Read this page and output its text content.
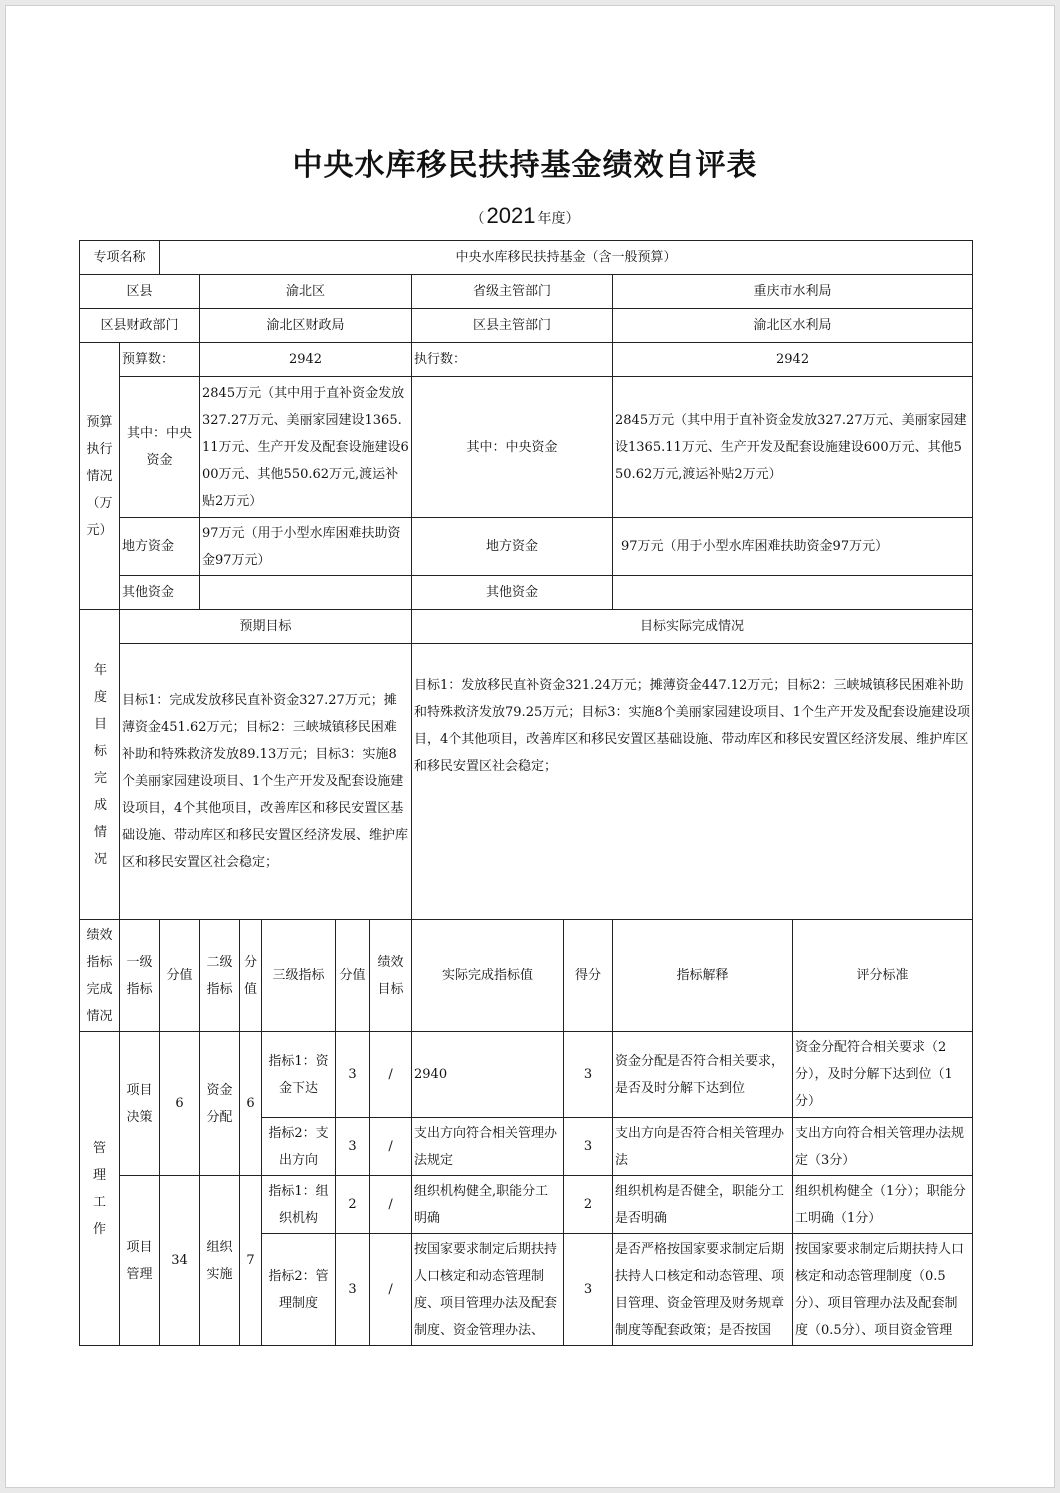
中央水库移民扶持基金绩效自评表
（2021 年度）
专项名称		中央水库移民扶持基金（含一般预算）									
区县			渝北区					省级主管部门		重庆市水利局	
区县财政部门			渝北区财政局					区县主管部门		渝北区水利局	
预算执行情况（万元）	预算数：		2942					执行数：		2942	
	其中：中央资金		2845万元（其中用于直补资金发放327.27万元、美丽家园建设1365.11万元、生产开发及配套设施建设600万元、其他550.62万元,渡运补贴2万元）					其中：中央资金		2845万元（其中用于直补资金发放327.27万元、美丽家园建设1365.11万元、生产开发及配套设施建设600万元、其他550.62万元,渡运补贴2万元）	
	地方资金		97万元（用于小型水库困难扶助资金97万元）					地方资金		97万元（用于小型水库困难扶助资金97万元）	
	其他资金							其他资金			

年度目标完成情况	预期目标							目标实际完成情况			
	目标1：完成发放移民直补资金327.27万元；摊薄资金451.62万元；目标2：三峡城镇移民困难补助和特殊救济发放89.13万元；目标3：实施8个美丽家园建设项目、1个生产开发及配套设施建设项目，4个其他项目，改善库区和移民安置区基础设施、带动库区和移民安置区经济发展、维护库区和移民安置区社会稳定；							目标1：发放移民直补资金321.24万元；摊薄资金447.12万元；目标2：三峡城镇移民困难补助和特殊救济发放79.25万元；目标3：实施8个美丽家园建设项目、1个生产开发及配套设施建设项目，4个其他项目，改善库区和移民安置区基础设施、带动库区和移民安置区经济发展、维护库区和移民安置区社会稳定；			
绩效指标完成情况	一级指标	分值	二级指标	分值	三级指标	分值	绩效目标	实际完成指标值	得分	指标解释	评分标准
管理工作	项目决策	6	资金分配	6	指标1：资金下达	3	/	2940	3	资金分配是否符合相关要求，是否及时分解下达到位	资金分配符合相关要求（2分），及时分解下达到位（1分）
					指标2：支出方向	3	/	支出方向符合相关管理办法规定	3	支出方向是否符合相关管理办法	支出方向符合相关管理办法规定（3分）
	项目管理	34	组织实施	7	指标1：组织机构	2	/	组织机构健全,职能分工明确	2	组织机构是否健全，职能分工是否明确	组织机构健全（1分）；职能分工明确（1分）
					指标2：管理制度	3	/	按国家要求制定后期扶持人口核定和动态管理制度、项目管理办法及配套制度、资金管理办法、	3	是否严格按国家要求制定后期扶持人口核定和动态管理、项目管理、资金管理及财务规章制度等配套政策；是否按国	按国家要求制定后期扶持人口核定和动态管理制度（0.5分）、项目管理办法及配套制度（0.5分）、项目资金管理
